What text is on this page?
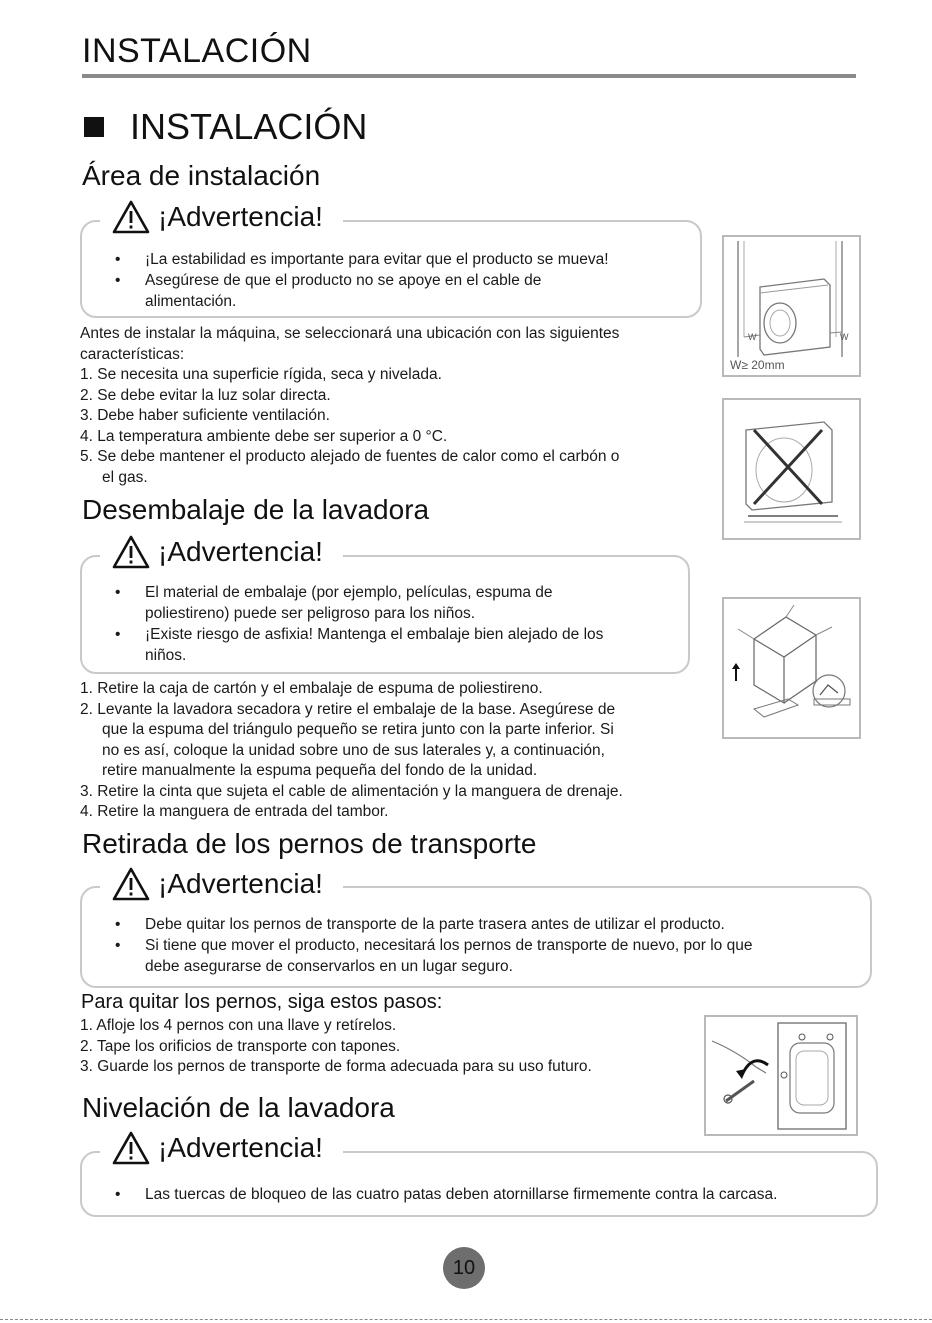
INSTALACIÓN
INSTALACIÓN
Área de instalación
¡Advertencia!
• ¡La estabilidad es importante para evitar que el producto se mueva!
• Asegúrese de que el producto no se apoye en el cable de
alimentación.
Antes de instalar la máquina, se seleccionará una ubicación con las siguientes
características:
1. Se necesita una superficie rígida, seca y nivelada.
2. Se debe evitar la luz solar directa.
3. Debe haber suficiente ventilación.
4. La temperatura ambiente debe ser superior a 0 °C.
5. Se debe mantener el producto alejado de fuentes de calor como el carbón o
el gas.
W	W
W≥ 20mm
Desembalaje de la lavadora
¡Advertencia!
• El material de embalaje (por ejemplo, películas, espuma de
poliestireno) puede ser peligroso para los niños.
• ¡Existe riesgo de asfixia! Mantenga el embalaje bien alejado de los
niños.
1. Retire la caja de cartón y el embalaje de espuma de poliestireno.
2. Levante la lavadora secadora y retire el embalaje de la base. Asegúrese de
que la espuma del triángulo pequeño se retira junto con la parte inferior. Si
no es así, coloque la unidad sobre uno de sus laterales y, a continuación,
retire manualmente la espuma pequeña del fondo de la unidad.
3. Retire la cinta que sujeta el cable de alimentación y la manguera de drenaje.
4. Retire la manguera de entrada del tambor.
Retirada de los pernos de transporte
¡Advertencia!
• Debe quitar los pernos de transporte de la parte trasera antes de utilizar el producto.
• Si tiene que mover el producto, necesitará los pernos de transporte de nuevo, por lo que
debe asegurarse de conservarlos en un lugar seguro.
Para quitar los pernos, siga estos pasos:
1. Afloje los 4 pernos con una llave y retírelos.
2. Tape los orificios de transporte con tapones.
3. Guarde los pernos de transporte de forma adecuada para su uso futuro.
Nivelación de la lavadora
¡Advertencia!
• Las tuercas de bloqueo de las cuatro patas deben atornillarse firmemente contra la carcasa.
10
